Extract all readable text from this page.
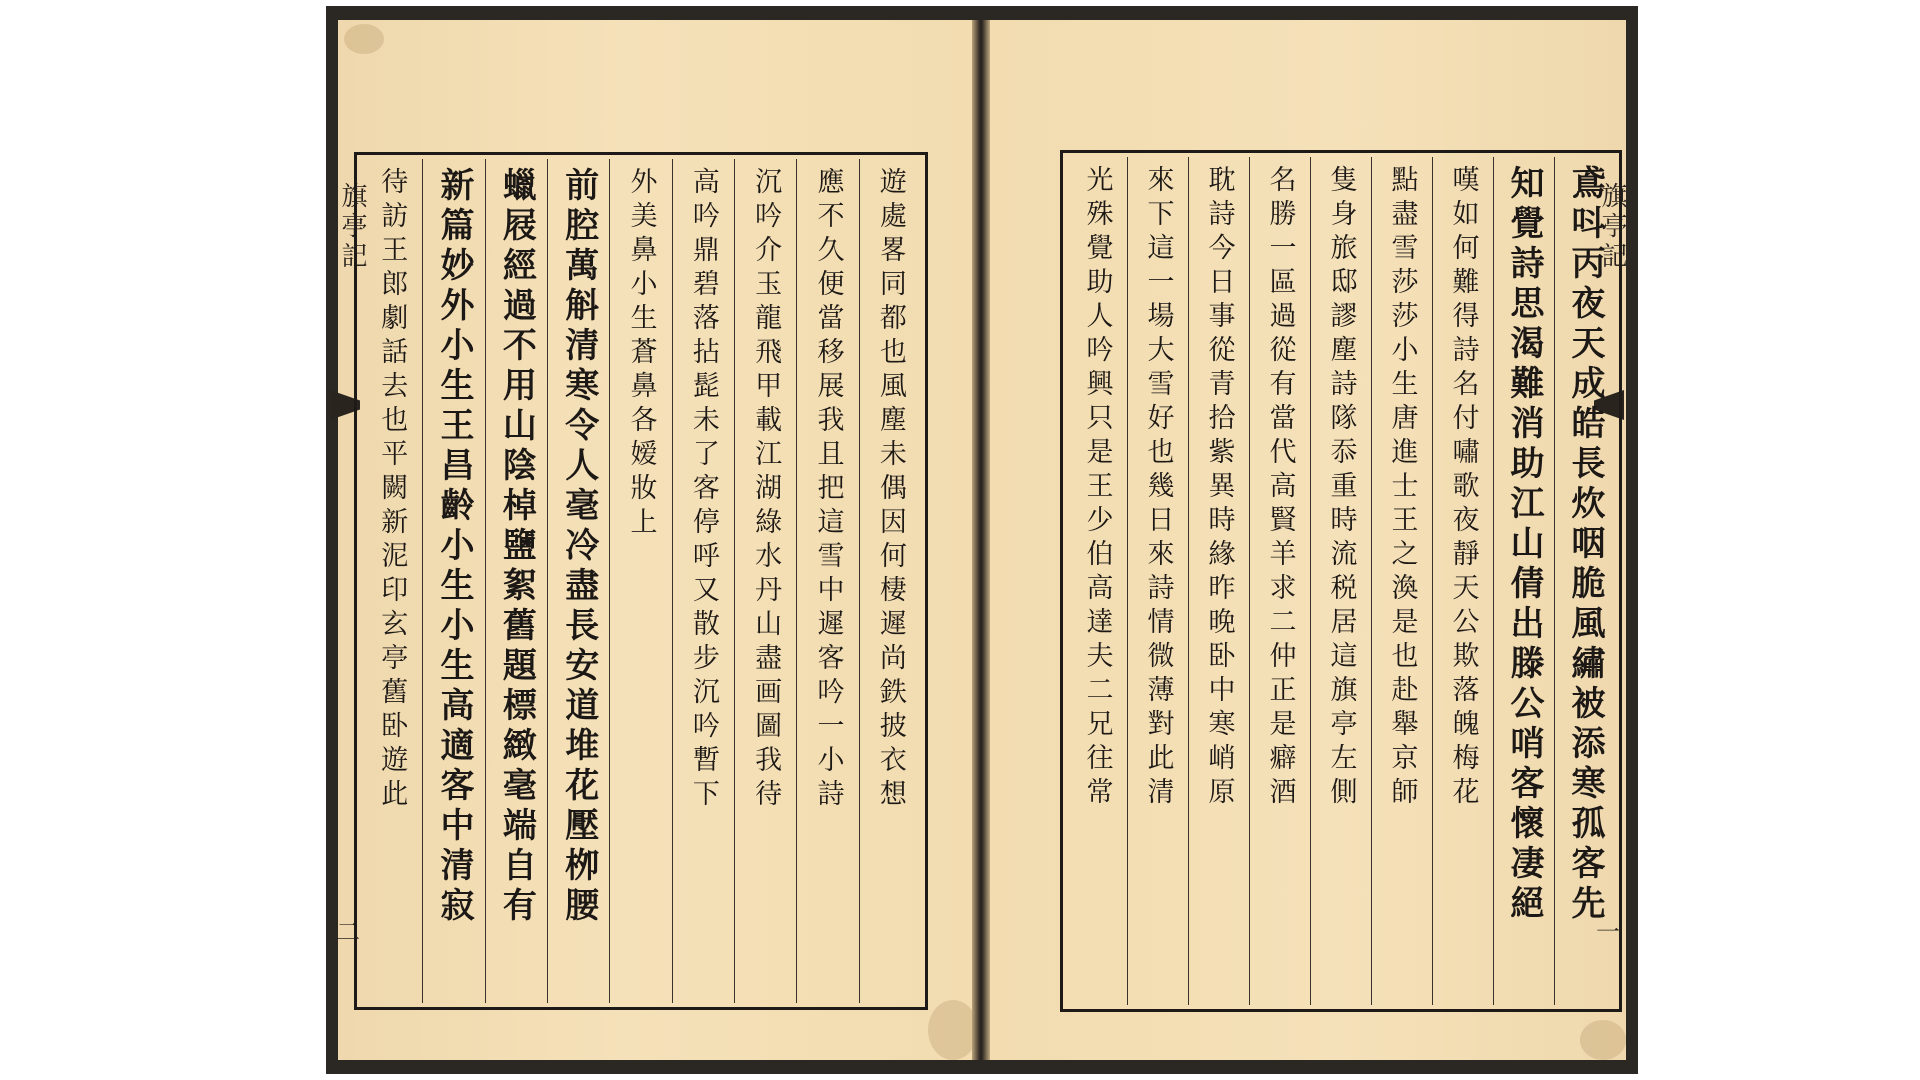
旗亭記
二
遊處畧同都也風塵未偶因何棲遲尚鉄披衣想
應不久便當移展我且把這雪中遲客吟一小詩
沉吟介玉龍飛甲載江湖綠水丹山盡画圖我待
高吟鼎碧落拈髭未了客停呼又散步沉吟暫下
外美鼻小生蒼鼻各嫒妝上
前腔萬斛清寒令人毫冷盡長安道堆花壓栁腰
蠟屐經過不用山陰棹鹽絮舊題標緻毫端自有
新篇妙外小生王昌齡小生小生高適客中清寂
待訪王郎劇話去也平闕新泥印玄亭舊卧遊此	旗亭記
一
鳶呌丙夜天成皓長炊咽脆風繡被添寒孤客先
知覺詩思渴難消助江山倩出滕公哨客懷凄絕
嘆如何難得詩名付嘯歌夜靜天公欺落魄梅花
點盡雪莎莎小生唐進士王之渙是也赴舉京師
隻身旅邸謬塵詩隊忝重時流税居這旗亭左側
名勝一區過從有當代高賢羊求二仲正是癖酒
耽詩今日事從青拾紫異時緣昨晚卧中寒峭原
來下這一場大雪好也幾日來詩情微薄對此清
光殊覺助人吟興只是王少伯高達夫二兄往常
